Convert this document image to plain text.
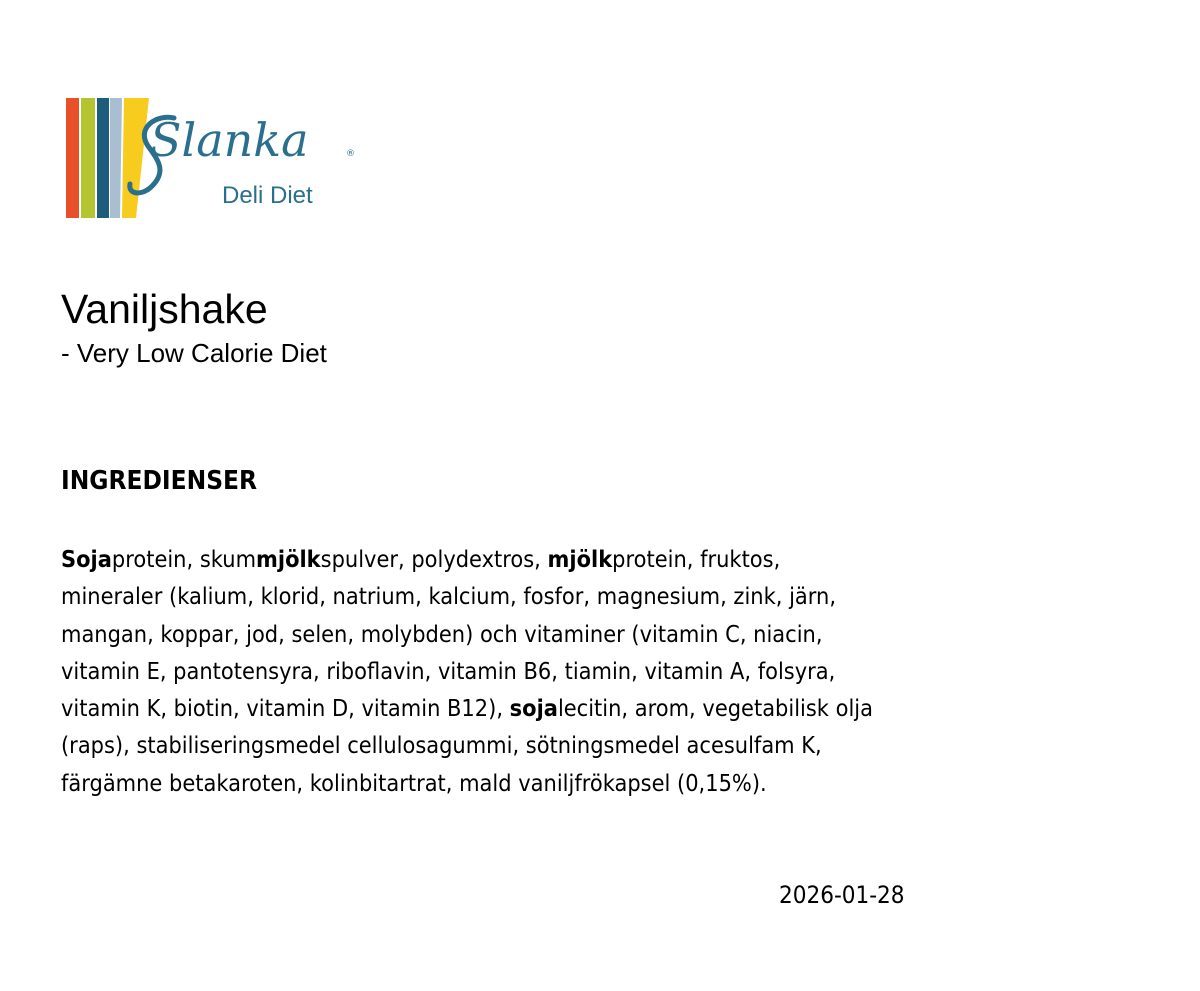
Slanka	®
Deli Diet
Vaniljshake
- Very Low Calorie Diet
INGREDIENSER
Sojaprotein, skummjölkspulver, polydextros, mjölkprotein, fruktos,
mineraler (kalium, klorid, natrium, kalcium, fosfor, magnesium, zink, järn,
mangan, koppar, jod, selen, molybden) och vitaminer (vitamin C, niacin,
vitamin E, pantotensyra, riboflavin, vitamin B6, tiamin, vitamin A, folsyra,
vitamin K, biotin, vitamin D, vitamin B12), sojalecitin, arom, vegetabilisk olja
(raps), stabiliseringsmedel cellulosagummi, sötningsmedel acesulfam K,
färgämne betakaroten, kolinbitartrat, mald vaniljfrökapsel (0,15%).
2026-01-28
